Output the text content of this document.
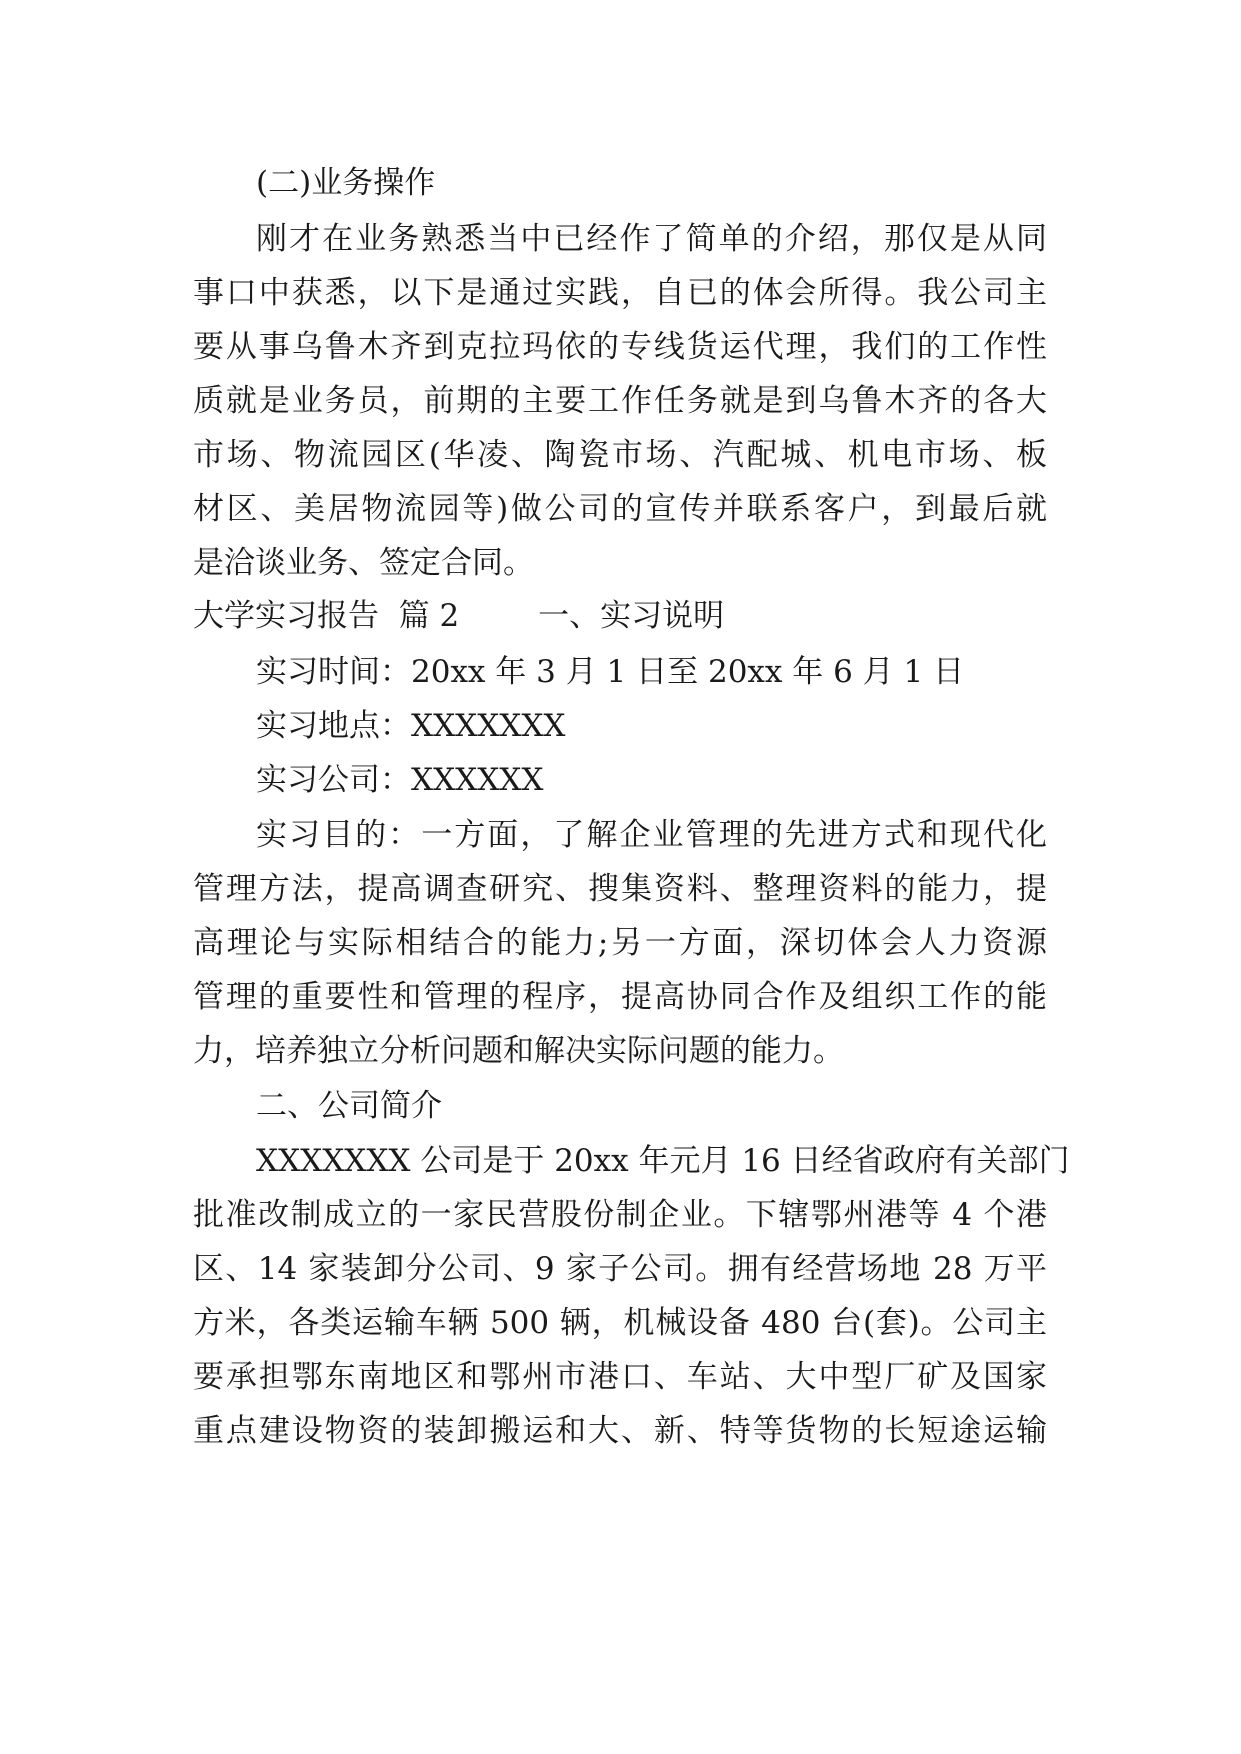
(二)业务操作
刚才在业务熟悉当中已经作了简单的介绍，那仅是从同
事口中获悉，以下是通过实践，自已的体会所得。我公司主
要从事乌鲁木齐到克拉玛依的专线货运代理，我们的工作性
质就是业务员，前期的主要工作任务就是到乌鲁木齐的各大
市场、物流园区(华凌、陶瓷市场、汽配城、机电市场、板
材区、美居物流园等)做公司的宣传并联系客户，到最后就
是洽谈业务、签定合同。
大学实习报告  篇 2        一、实习说明
实习时间：20xx 年 3 月 1 日至 20xx 年 6 月 1 日
实习地点：XXXXXXX
实习公司：XXXXXX
实习目的：一方面，了解企业管理的先进方式和现代化
管理方法，提高调查研究、搜集资料、整理资料的能力，提
高理论与实际相结合的能力;另一方面，深切体会人力资源
管理的重要性和管理的程序，提高协同合作及组织工作的能
力，培养独立分析问题和解决实际问题的能力。
二、公司简介
XXXXXXX 公司是于 20xx 年元月 16 日经省政府有关部门
批准改制成立的一家民营股份制企业。下辖鄂州港等 4 个港
区、14 家装卸分公司、9 家子公司。拥有经营场地 28 万平
方米，各类运输车辆 500 辆，机械设备 480 台(套)。公司主
要承担鄂东南地区和鄂州市港口、车站、大中型厂矿及国家
重点建设物资的装卸搬运和大、新、特等货物的长短途运输
